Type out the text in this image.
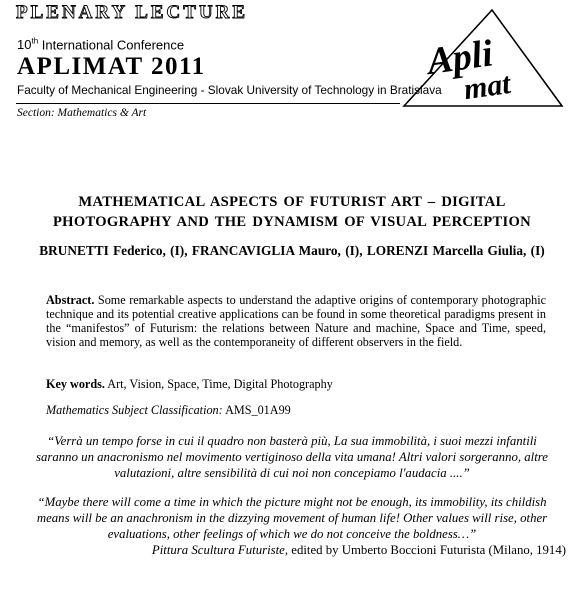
PLENARY LECTURE
10th International Conference
APLIMAT 2011
Faculty of Mechanical Engineering - Slovak University of Technology in Bratislava
Section: Mathematics & Art
Apli
mat
MATHEMATICAL ASPECTS OF FUTURIST ART – DIGITAL
PHOTOGRAPHY AND THE DYNAMISM OF VISUAL PERCEPTION
BRUNETTI Federico, (I), FRANCAVIGLIA Mauro, (I), LORENZI Marcella Giulia, (I)
Abstract. Some remarkable aspects to understand the adaptive origins of contemporary photographic technique and its potential creative applications can be found in some theoretical paradigms present in the “manifestos” of Futurism: the relations between Nature and machine, Space and Time, speed, vision and memory, as well as the contemporaneity of different observers in the field.
Key words. Art, Vision, Space, Time, Digital Photography
Mathematics Subject Classification: AMS_01A99
“Verrà un tempo forse in cui il quadro non basterà più, La sua immobilità, i suoi mezzi infantili
saranno un anacronismo nel movimento vertiginoso della vita umana! Altri valori sorgeranno, altre
valutazioni, altre sensibilità di cui noi non concepiamo l'audacia ....”
“Maybe there will come a time in which the picture might not be enough, its immobility, its childish
means will be an anachronism in the dizzying movement of human life! Other values will rise, other
evaluations, other feelings of which we do not conceive the boldness…”
Pittura Scultura Futuriste, edited by Umberto Boccioni Futurista (Milano, 1914)
